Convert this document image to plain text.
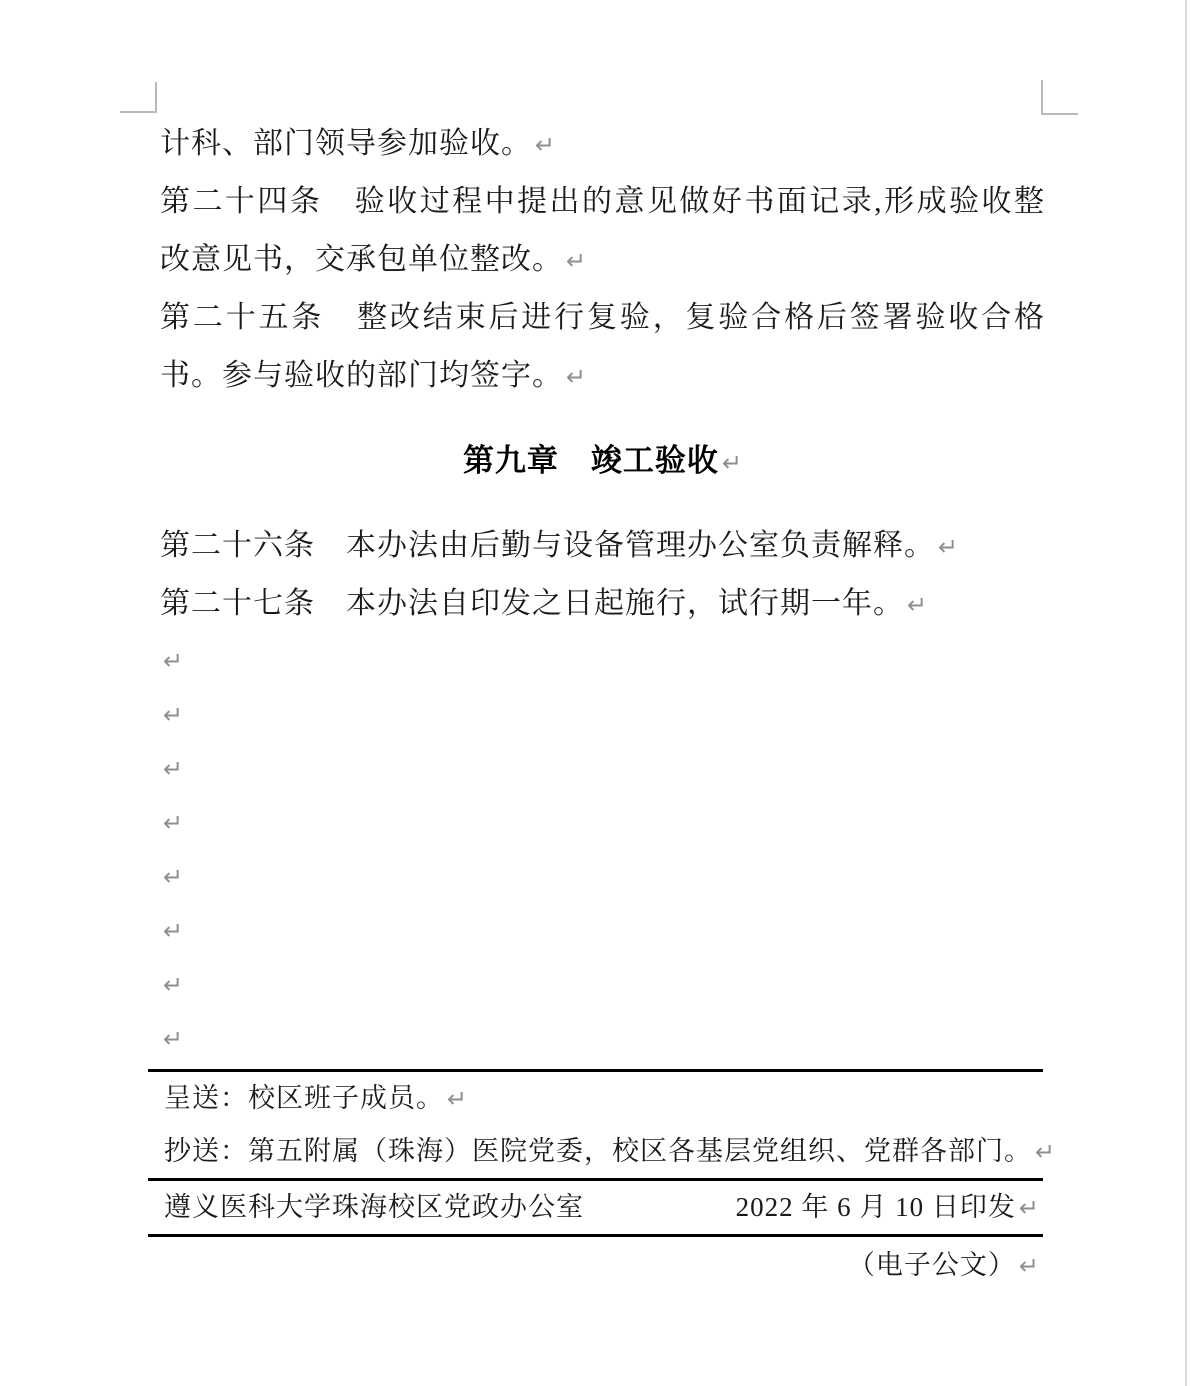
计科、部门领导参加验收。 ↵
第二十四条　验收过程中提出的意见做好书面记录,形成验收整
改意见书，交承包单位整改。 ↵
第二十五条　整改结束后进行复验，复验合格后签署验收合格
书。参与验收的部门均签字。 ↵
第九章　竣工验收 ↵
第二十六条　本办法由后勤与设备管理办公室负责解释。 ↵
第二十七条　本办法自印发之日起施行，试行期一年。 ↵
↵
↵
↵
↵
↵
↵
↵
↵
呈送：校区班子成员。 ↵
抄送：第五附属（珠海）医院党委，校区各基层党组织、党群各部门。 ↵
遵义医科大学珠海校区党政办公室	2022 年 6 月 10 日印发 ↵
（电子公文） ↵
